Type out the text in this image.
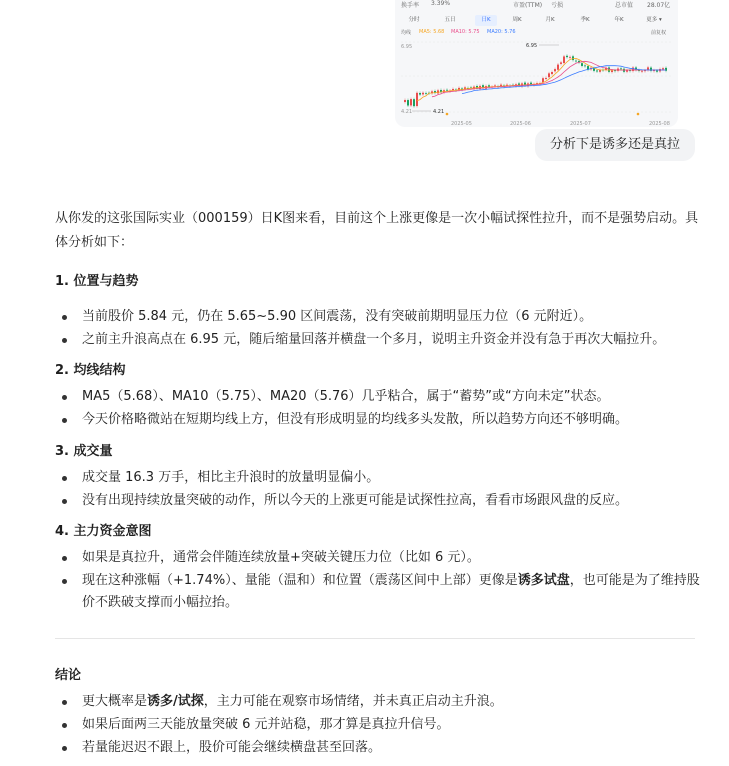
换手率 3.39%	市盈(TTM) 亏损	总市值 28.07亿
分时	五日	日K	周K	月K	季K	年K	更多 ▾
均线 MA5: 5.68 MA10: 5.75 MA20: 5.76	前复权
6.95
4.21
6.95
4.21
2025-05	2025-06	2025-07	2025-08
分析下是诱多还是真拉

从你发的这张国际实业（000159）日K图来看，目前这个上涨更像是一次小幅试探性拉升，而不是强势启动。具体分析如下：

1. 位置与趋势
当前股价 5.84 元，仍在 5.65~5.90 区间震荡，没有突破前期明显压力位（6 元附近）。
之前主升浪高点在 6.95 元，随后缩量回落并横盘一个多月，说明主升资金并没有急于再次大幅拉升。
2. 均线结构
MA5（5.68）、MA10（5.75）、MA20（5.76）几乎粘合，属于“蓄势”或“方向未定”状态。
今天价格略微站在短期均线上方，但没有形成明显的均线多头发散，所以趋势方向还不够明确。
3. 成交量
成交量 16.3 万手，相比主升浪时的放量明显偏小。
没有出现持续放量突破的动作，所以今天的上涨更可能是试探性拉高，看看市场跟风盘的反应。
4. 主力资金意图
如果是真拉升，通常会伴随连续放量+突破关键压力位（比如 6 元）。
现在这种涨幅（+1.74%）、量能（温和）和位置（震荡区间中上部）更像是诱多试盘，也可能是为了维持股价不跌破支撑而小幅拉抬。
结论
更大概率是诱多/试探，主力可能在观察市场情绪，并未真正启动主升浪。
如果后面两三天能放量突破 6 元并站稳，那才算是真拉升信号。
若量能迟迟不跟上，股价可能会继续横盘甚至回落。
